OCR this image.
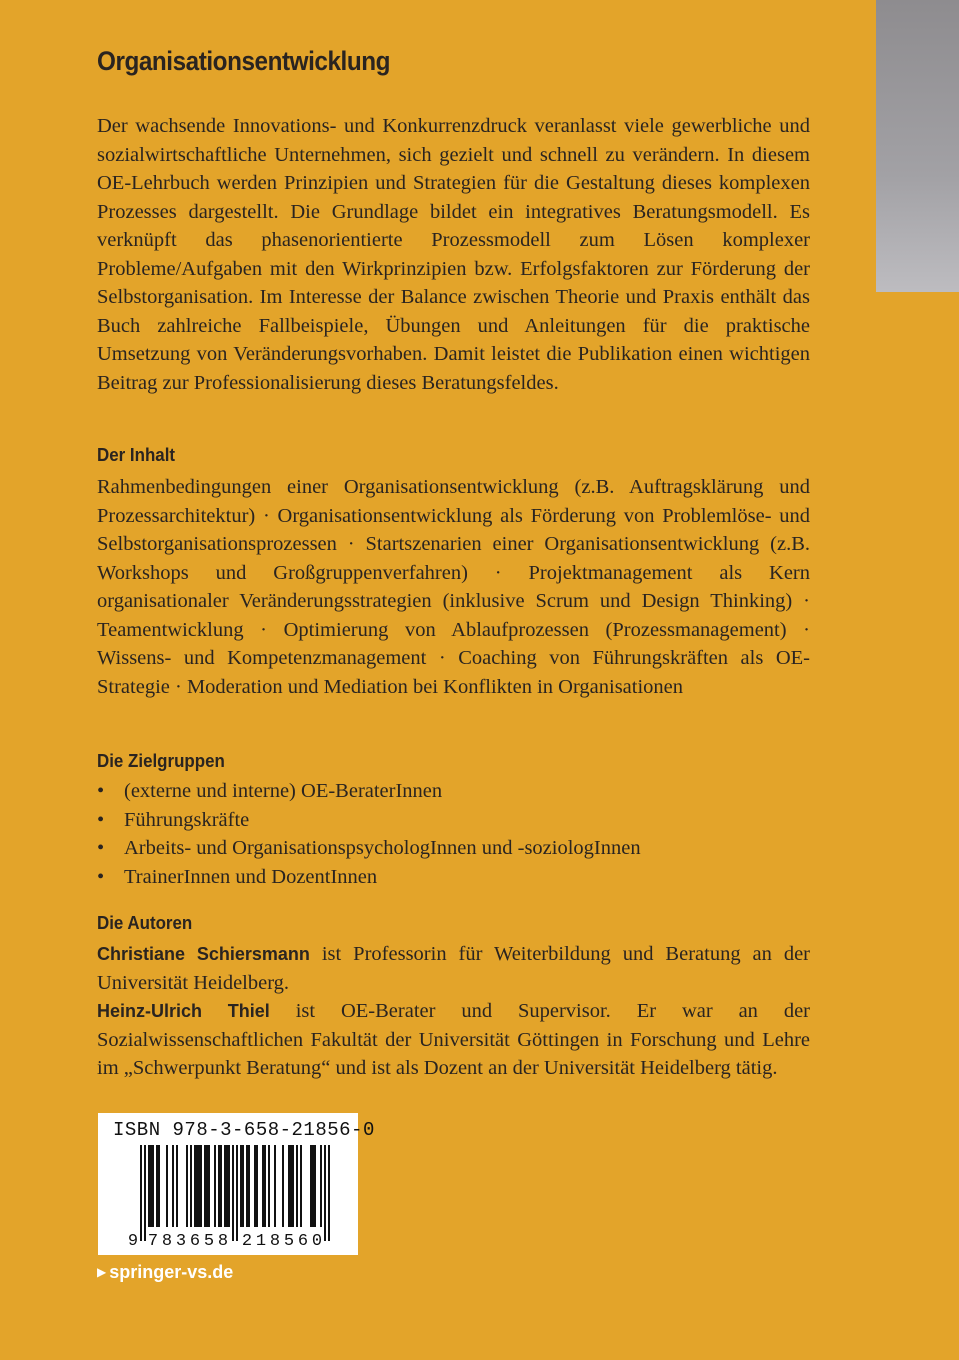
Organisationsentwicklung

Der wachsende Innovations- und Konkurrenzdruck veranlasst viele gewerbliche und sozialwirtschaftliche Unternehmen, sich gezielt und schnell zu verändern. In diesem OE-Lehrbuch werden Prinzipien und Strategien für die Gestaltung dieses komplexen Prozesses dargestellt. Die Grundlage bildet ein integratives Beratungsmodell. Es verknüpft das phasenorientierte Prozessmodell zum Lösen komplexer Probleme/Aufgaben mit den Wirkprinzipien bzw. Erfolgsfaktoren zur Förderung der Selbstorganisation. Im Interesse der Balance zwischen Theorie und Praxis enthält das Buch zahlreiche Fallbeispiele, Übungen und Anleitungen für die praktische Umsetzung von Veränderungsvorhaben. Damit leistet die Publikation einen wichtigen Beitrag zur Professionalisierung dieses Beratungsfeldes.

Der Inhalt

Rahmenbedingungen einer Organisationsentwicklung (z.B. Auftragsklärung und Prozessarchitektur) · Organisationsentwicklung als Förderung von Problemlöse- und Selbstorganisationsprozessen · Startszenarien einer Organisationsentwicklung (z.B. Workshops und Großgruppenverfahren) · Projektmanagement als Kern organisationaler Veränderungsstrategien (inklusive Scrum und Design Thinking) · Teamentwicklung · Optimierung von Ablaufprozessen (Prozessmanagement) · Wissens- und Kompetenzmanagement · Coaching von Führungskräften als OE-Strategie · Moderation und Mediation bei Konflikten in Organisationen

Die Zielgruppen
• (externe und interne) OE-BeraterInnen
• Führungskräfte
• Arbeits- und OrganisationspsychologInnen und -soziologInnen
• TrainerInnen und DozentInnen
Die Autoren

Christiane Schiersmann ist Professorin für Weiterbildung und Beratung an der Universität Heidelberg.

Heinz-Ulrich Thiel ist OE-Berater und Supervisor. Er war an der Sozialwissenschaftlichen Fakultät der Universität Göttingen in Forschung und Lehre im „Schwerpunkt Beratung“ und ist als Dozent an der Universität Heidelberg tätig.

ISBN 978-3-658-21856-0
9 7 8 3 6 5 8 2 1 8 5 6 0
▶ springer-vs.de
